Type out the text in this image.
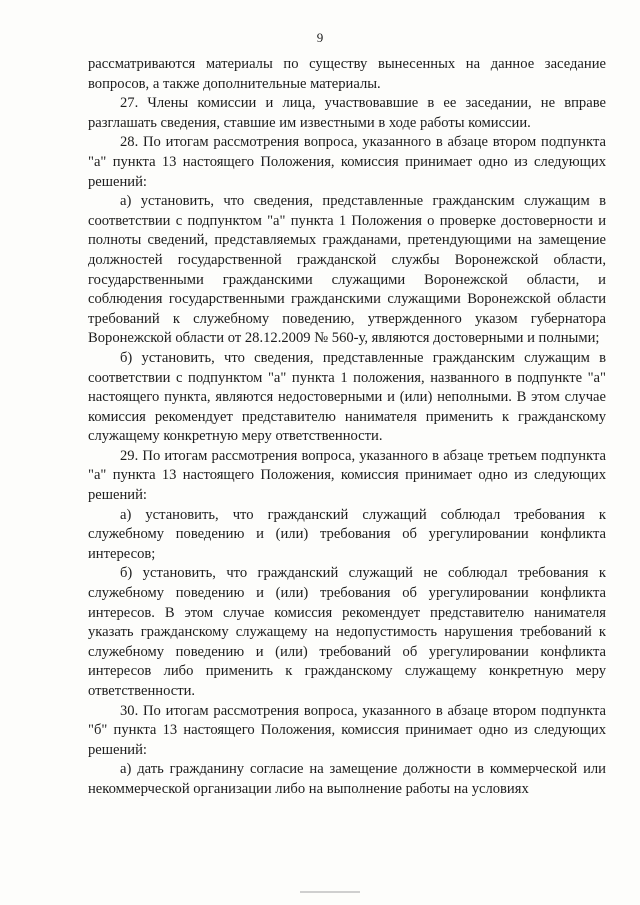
9

рассматриваются материалы по существу вынесенных на данное заседание вопросов, а также дополнительные материалы.

27. Члены комиссии и лица, участвовавшие в ее заседании, не вправе разглашать сведения, ставшие им известными в ходе работы комиссии.

28. По итогам рассмотрения вопроса, указанного в абзаце втором подпункта "а" пункта 13 настоящего Положения, комиссия принимает одно из следующих решений:

а) установить, что сведения, представленные гражданским служащим в соответствии с подпунктом "а" пункта 1 Положения о проверке достоверности и полноты сведений, представляемых гражданами, претендующими на замещение должностей государственной гражданской службы Воронежской области, государственными гражданскими служащими Воронежской области, и соблюдения государственными гражданскими служащими Воронежской области требований к служебному поведению, утвержденного указом губернатора Воронежской области от 28.12.2009 № 560-у, являются достоверными и полными;

б) установить, что сведения, представленные гражданским служащим в соответствии с подпунктом "а" пункта 1 положения, названного в подпункте "а" настоящего пункта, являются недостоверными и (или) неполными. В этом случае комиссия рекомендует представителю нанимателя применить к гражданскому служащему конкретную меру ответственности.

29. По итогам рассмотрения вопроса, указанного в абзаце третьем подпункта "а" пункта 13 настоящего Положения, комиссия принимает одно из следующих решений:

а) установить, что гражданский служащий соблюдал требования к служебному поведению и (или) требования об урегулировании конфликта интересов;

б) установить, что гражданский служащий не соблюдал требования к служебному поведению и (или) требования об урегулировании конфликта интересов. В этом случае комиссия рекомендует представителю нанимателя указать гражданскому служащему на недопустимость нарушения требований к служебному поведению и (или) требований об урегулировании конфликта интересов либо применить к гражданскому служащему конкретную меру ответственности.

30. По итогам рассмотрения вопроса, указанного в абзаце втором подпункта "б" пункта 13 настоящего Положения, комиссия принимает одно из следующих решений:

а) дать гражданину согласие на замещение должности в коммерческой или некоммерческой организации либо на выполнение работы на условиях
